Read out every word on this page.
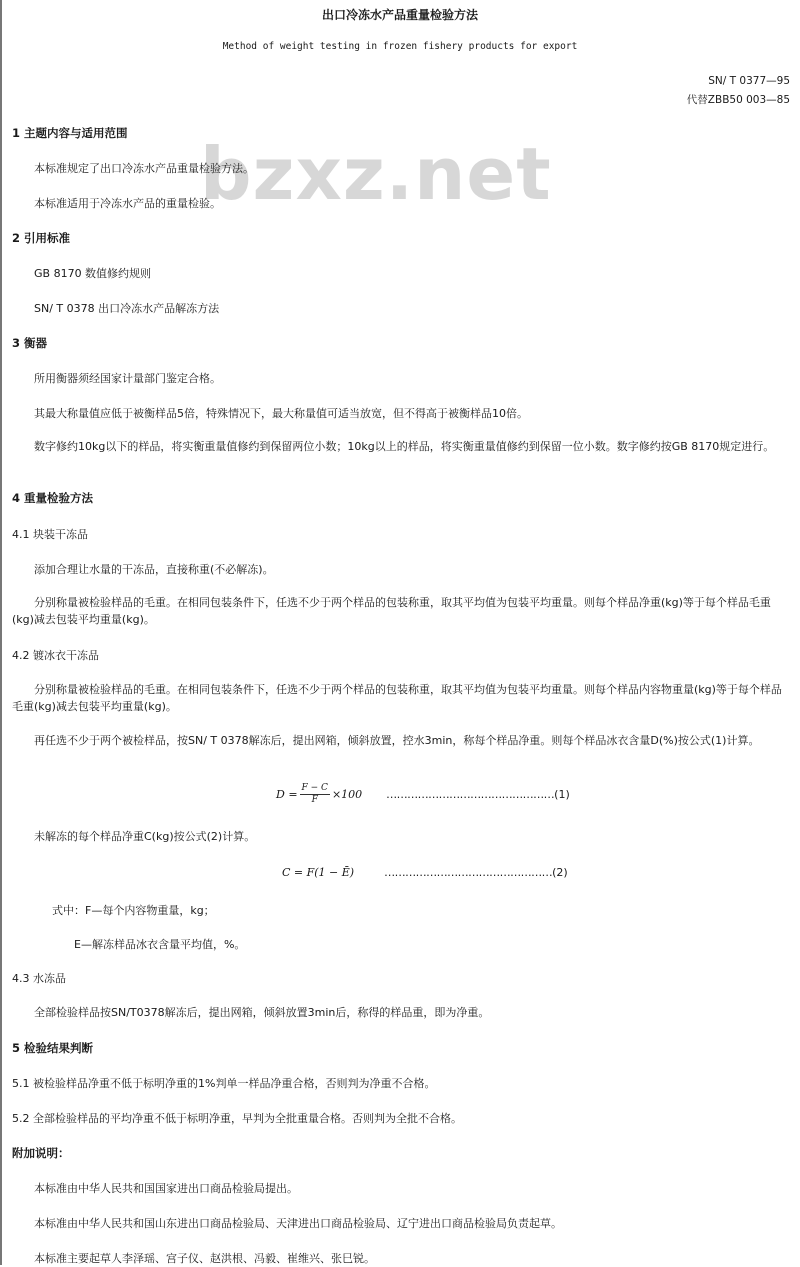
出口冷冻水产品重量检验方法
Method of weight testing in frozen fishery products for export
SN/ T 0377—95
代替ZBB50 003—85
bzxz.net
1 主题内容与适用范围
本标准规定了出口冷冻水产品重量检验方法。
本标准适用于冷冻水产品的重量检验。
2 引用标准
GB 8170 数值修约规则
SN/ T 0378 出口冷冻水产品解冻方法
3 衡器
所用衡器须经国家计量部门鉴定合格。
其最大称量值应低于被衡样品5倍，特殊情况下，最大称量值可适当放宽，但不得高于被衡样品10倍。
数字修约10kg以下的样品，将实衡重量值修约到保留两位小数；10kg以上的样品，将实衡重量值修约到保留一位小数。数字修约按GB 8170规定进行。
4 重量检验方法
4.1 块装干冻品
添加合理让水量的干冻品，直接称重(不必解冻)。
分别称量被检验样品的毛重。在相同包装条件下，任选不少于两个样品的包装称重，取其平均值为包装平均重量。则每个样品净重(kg)等于每个样品毛重(kg)减去包装平均重量(kg)。
4.2 镀冰衣干冻品
分别称量被检验样品的毛重。在相同包装条件下，任选不少于两个样品的包装称重，取其平均值为包装平均重量。则每个样品内容物重量(kg)等于每个样品毛重(kg)减去包装平均重量(kg)。
再任选不少于两个被检样品，按SN/ T 0378解冻后，提出网箱，倾斜放置，控水3min，称每个样品净重。则每个样品冰衣含量D(%)按公式(1)计算。
$D = \frac{F - C}{F} \times 100$ ………………………………………… (1)
未解冻的每个样品净重C(kg)按公式(2)计算。
C = F(1 − Ē)	………………………………………… (2)
式中：F—每个内容物重量，kg；
E—解冻样品冰衣含量平均值，%。
4.3 水冻品
全部检验样品按SN/T0378解冻后，提出网箱，倾斜放置3min后，称得的样品重，即为净重。
5 检验结果判断
5.1 被检验样品净重不低于标明净重的1%判单一样品净重合格，否则判为净重不合格。
5.2 全部检验样品的平均净重不低于标明净重，早判为全批重量合格。否则判为全批不合格。
附加说明：
本标准由中华人民共和国国家进出口商品检验局提出。
本标准由中华人民共和国山东进出口商品检验局、天津进出口商品检验局、辽宁进出口商品检验局负责起草。
本标准主要起草人李泽瑶、宫子仪、赵洪根、冯毅、崔维兴、张巳锐。
